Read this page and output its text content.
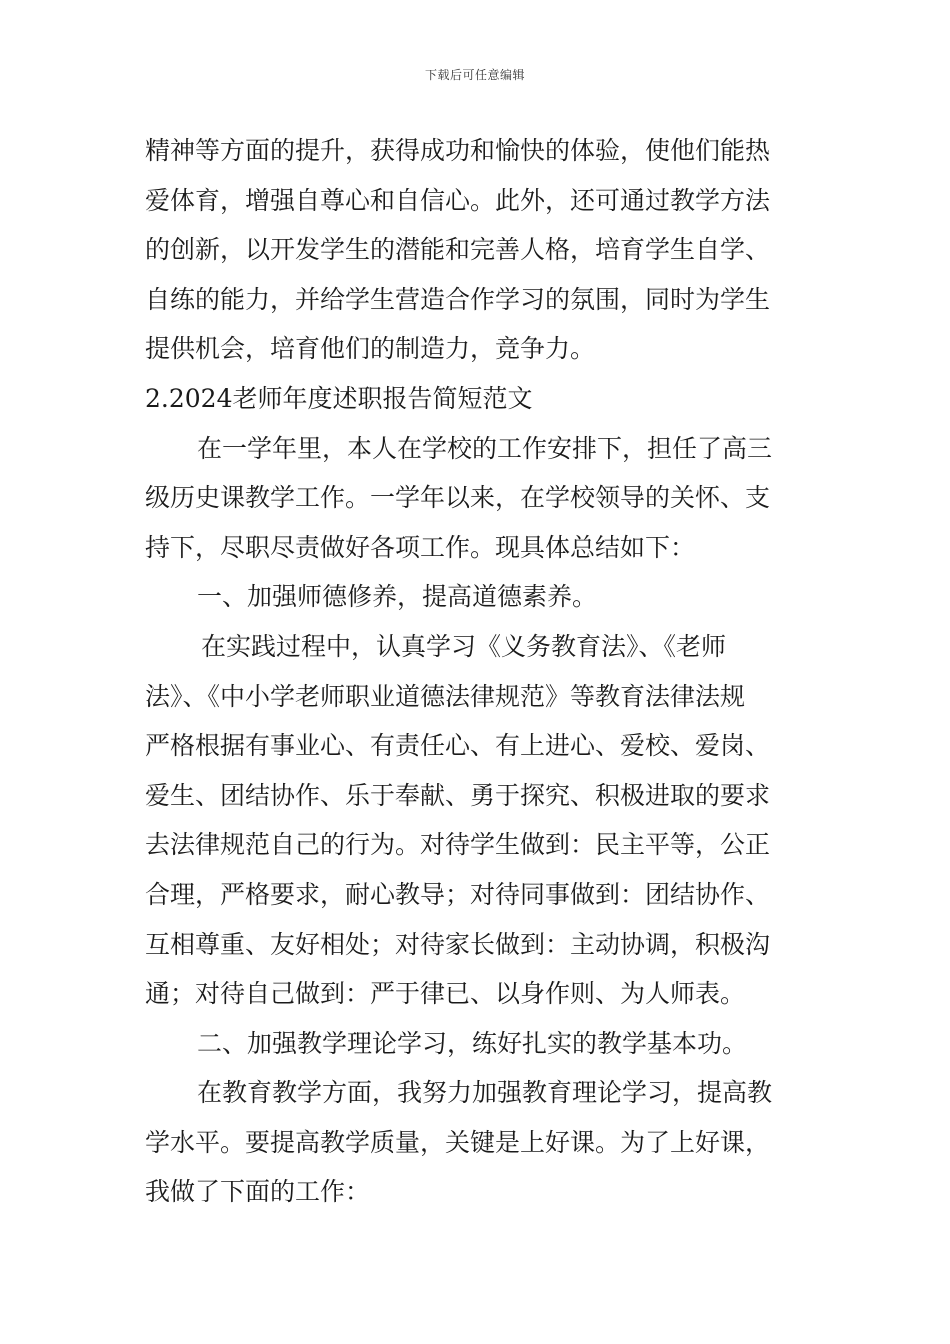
下载后可任意编辑
精神等方面的提升，获得成功和愉快的体验，使他们能热
爱体育，增强自尊心和自信心。此外，还可通过教学方法
的创新，以开发学生的潜能和完善人格，培育学生自学、
自练的能力，并给学生营造合作学习的氛围，同时为学生
提供机会，培育他们的制造力，竞争力。
2.2024老师年度述职报告简短范文
在一学年里，本人在学校的工作安排下，担任了高三
级历史课教学工作。一学年以来，在学校领导的关怀、支
持下，尽职尽责做好各项工作。现具体总结如下：
一、加强师德修养，提高道德素养。
在实践过程中，认真学习《义务教育法》、《老师
法》、《中小学老师职业道德法律规范》等教育法律法规
严格根据有事业心、有责任心、有上进心、爱校、爱岗、
爱生、团结协作、乐于奉献、勇于探究、积极进取的要求
去法律规范自己的行为。对待学生做到：民主平等，公正
合理，严格要求，耐心教导；对待同事做到：团结协作、
互相尊重、友好相处；对待家长做到：主动协调，积极沟
通；对待自己做到：严于律已、以身作则、为人师表。
二、加强教学理论学习，练好扎实的教学基本功。
在教育教学方面，我努力加强教育理论学习，提高教
学水平。要提高教学质量，关键是上好课。为了上好课，
我做了下面的工作：
